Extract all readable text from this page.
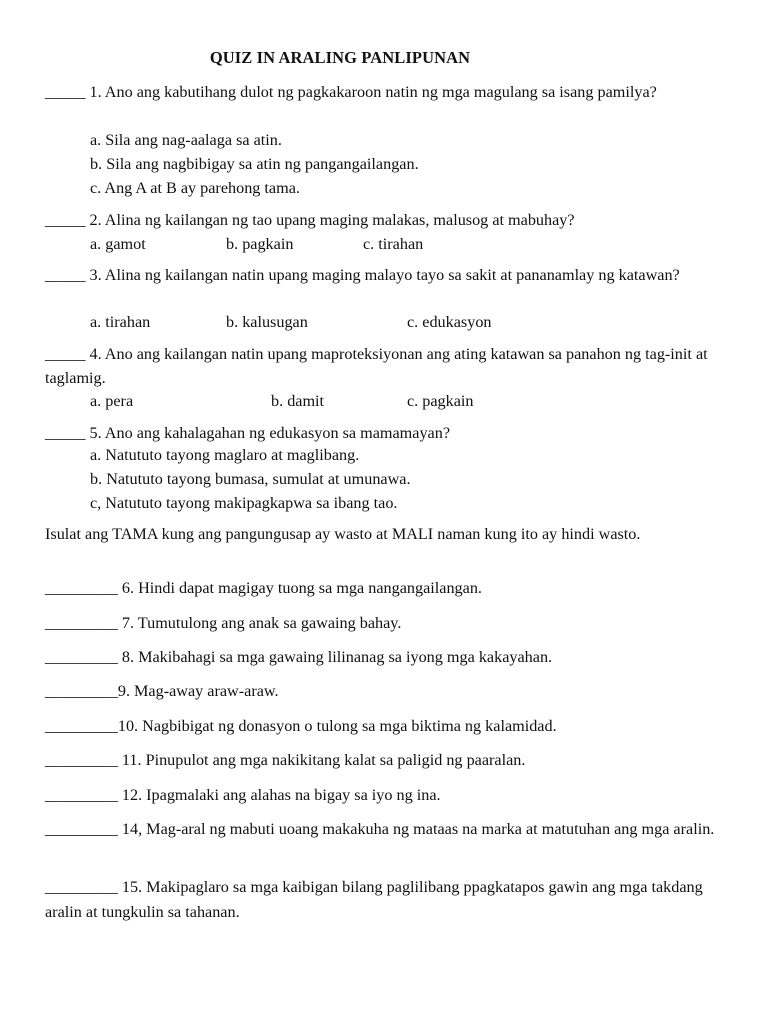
QUIZ IN ARALING PANLIPUNAN
_____ 1. Ano ang kabutihang dulot ng pagkakaroon natin ng mga magulang sa isang pamilya?
a. Sila ang nag-aalaga sa atin.
b. Sila ang nagbibigay sa atin ng pangangailangan.
c. Ang A at B ay parehong tama.
_____ 2. Alina ng kailangan ng tao upang maging malakas, malusog at mabuhay?
a. gamot	b. pagkain	c. tirahan
_____ 3. Alina ng kailangan natin upang maging malayo tayo sa sakit at pananamlay ng katawan?
a. tirahan	b. kalusugan	c. edukasyon
_____ 4. Ano ang kailangan natin upang maproteksiyonan ang ating katawan sa panahon ng tag-init at taglamig.
a. pera	b. damit	c. pagkain
_____ 5. Ano ang kahalagahan ng edukasyon sa mamamayan?
a. Natututo tayong maglaro at maglibang.
b. Natututo tayong bumasa, sumulat at umunawa.
c, Natututo tayong makipagkapwa sa ibang tao.
Isulat ang TAMA kung ang pangungusap ay wasto at MALI naman kung ito ay hindi wasto.
_________ 6. Hindi dapat magigay tuong sa mga nangangailangan.
_________ 7. Tumutulong ang anak sa gawaing bahay.
_________ 8. Makibahagi sa mga gawaing lilinanag sa iyong mga kakayahan.
_________9. Mag-away araw-araw.
_________10. Nagbibigat ng donasyon o tulong sa mga biktima ng kalamidad.
_________ 11. Pinupulot ang mga nakikitang kalat sa paligid ng paaralan.
_________ 12. Ipagmalaki ang alahas na bigay sa iyo ng ina.
_________ 14, Mag-aral ng mabuti uoang makakuha ng mataas na marka at matutuhan ang mga aralin.
_________ 15. Makipaglaro sa mga kaibigan bilang paglilibang ppagkatapos gawin ang mga takdang aralin at tungkulin sa tahanan.
